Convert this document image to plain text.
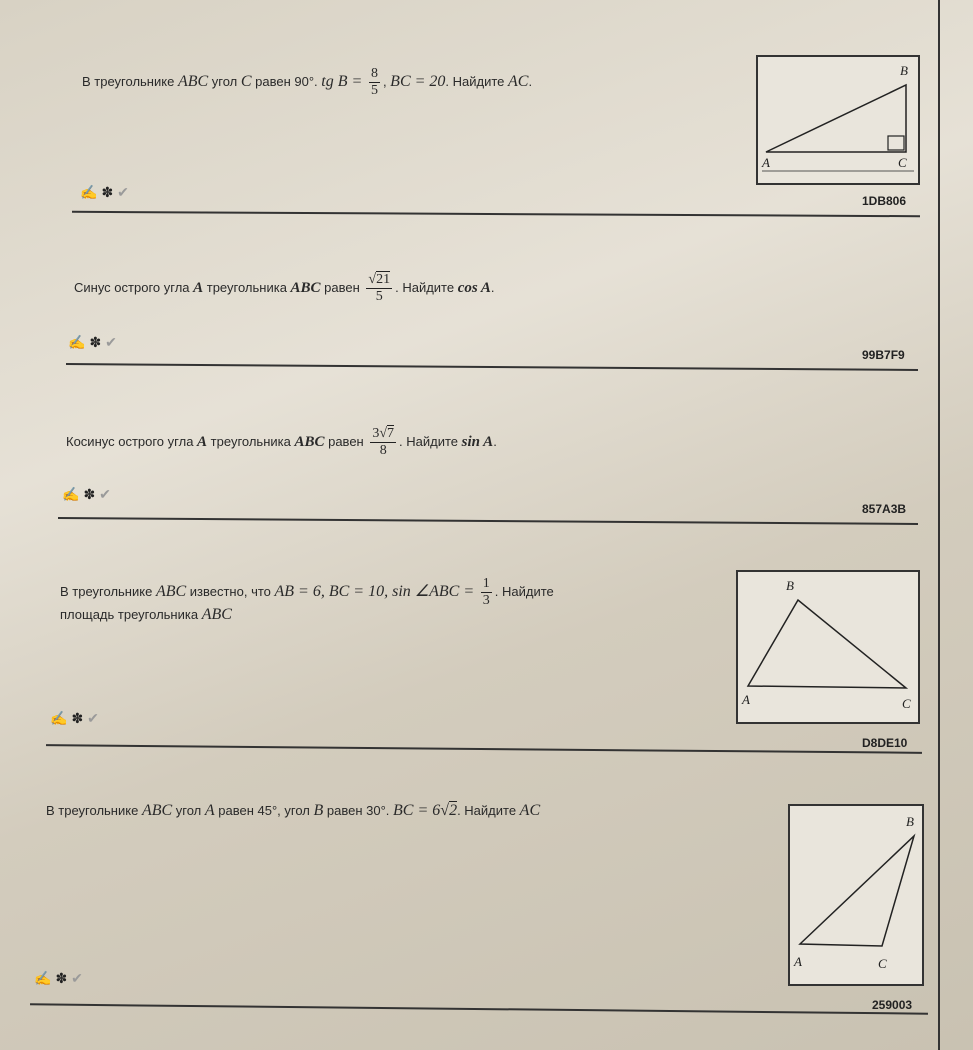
В треугольнике ABC угол C равен 90°. tg $B = \frac{8}{5}$ , BC = 20. Найдите AC.
A
B
C
✍✽✔
1DB806
Синус острого угла A треугольника ABC равен $\frac{√21}{5}$ . Найдите cos A.
✍✽✔
99B7F9
Косинус острого угла A треугольника ABC равен $\frac{3√7}{8}$ . Найдите sin A.
✍✽✔
857A3B
В треугольнике ABC известно, что AB = 6, BC = 10, sin ∠ABC = $\frac{1}{3}$ . Найдите
площадь треугольника ABC
B
A	C
✍✽✔
D8DE10
В треугольнике ABC угол A равен 45°, угол B равен 30°. BC = 6√2. Найдите AC
B
A	C
✍✽✔
259003
